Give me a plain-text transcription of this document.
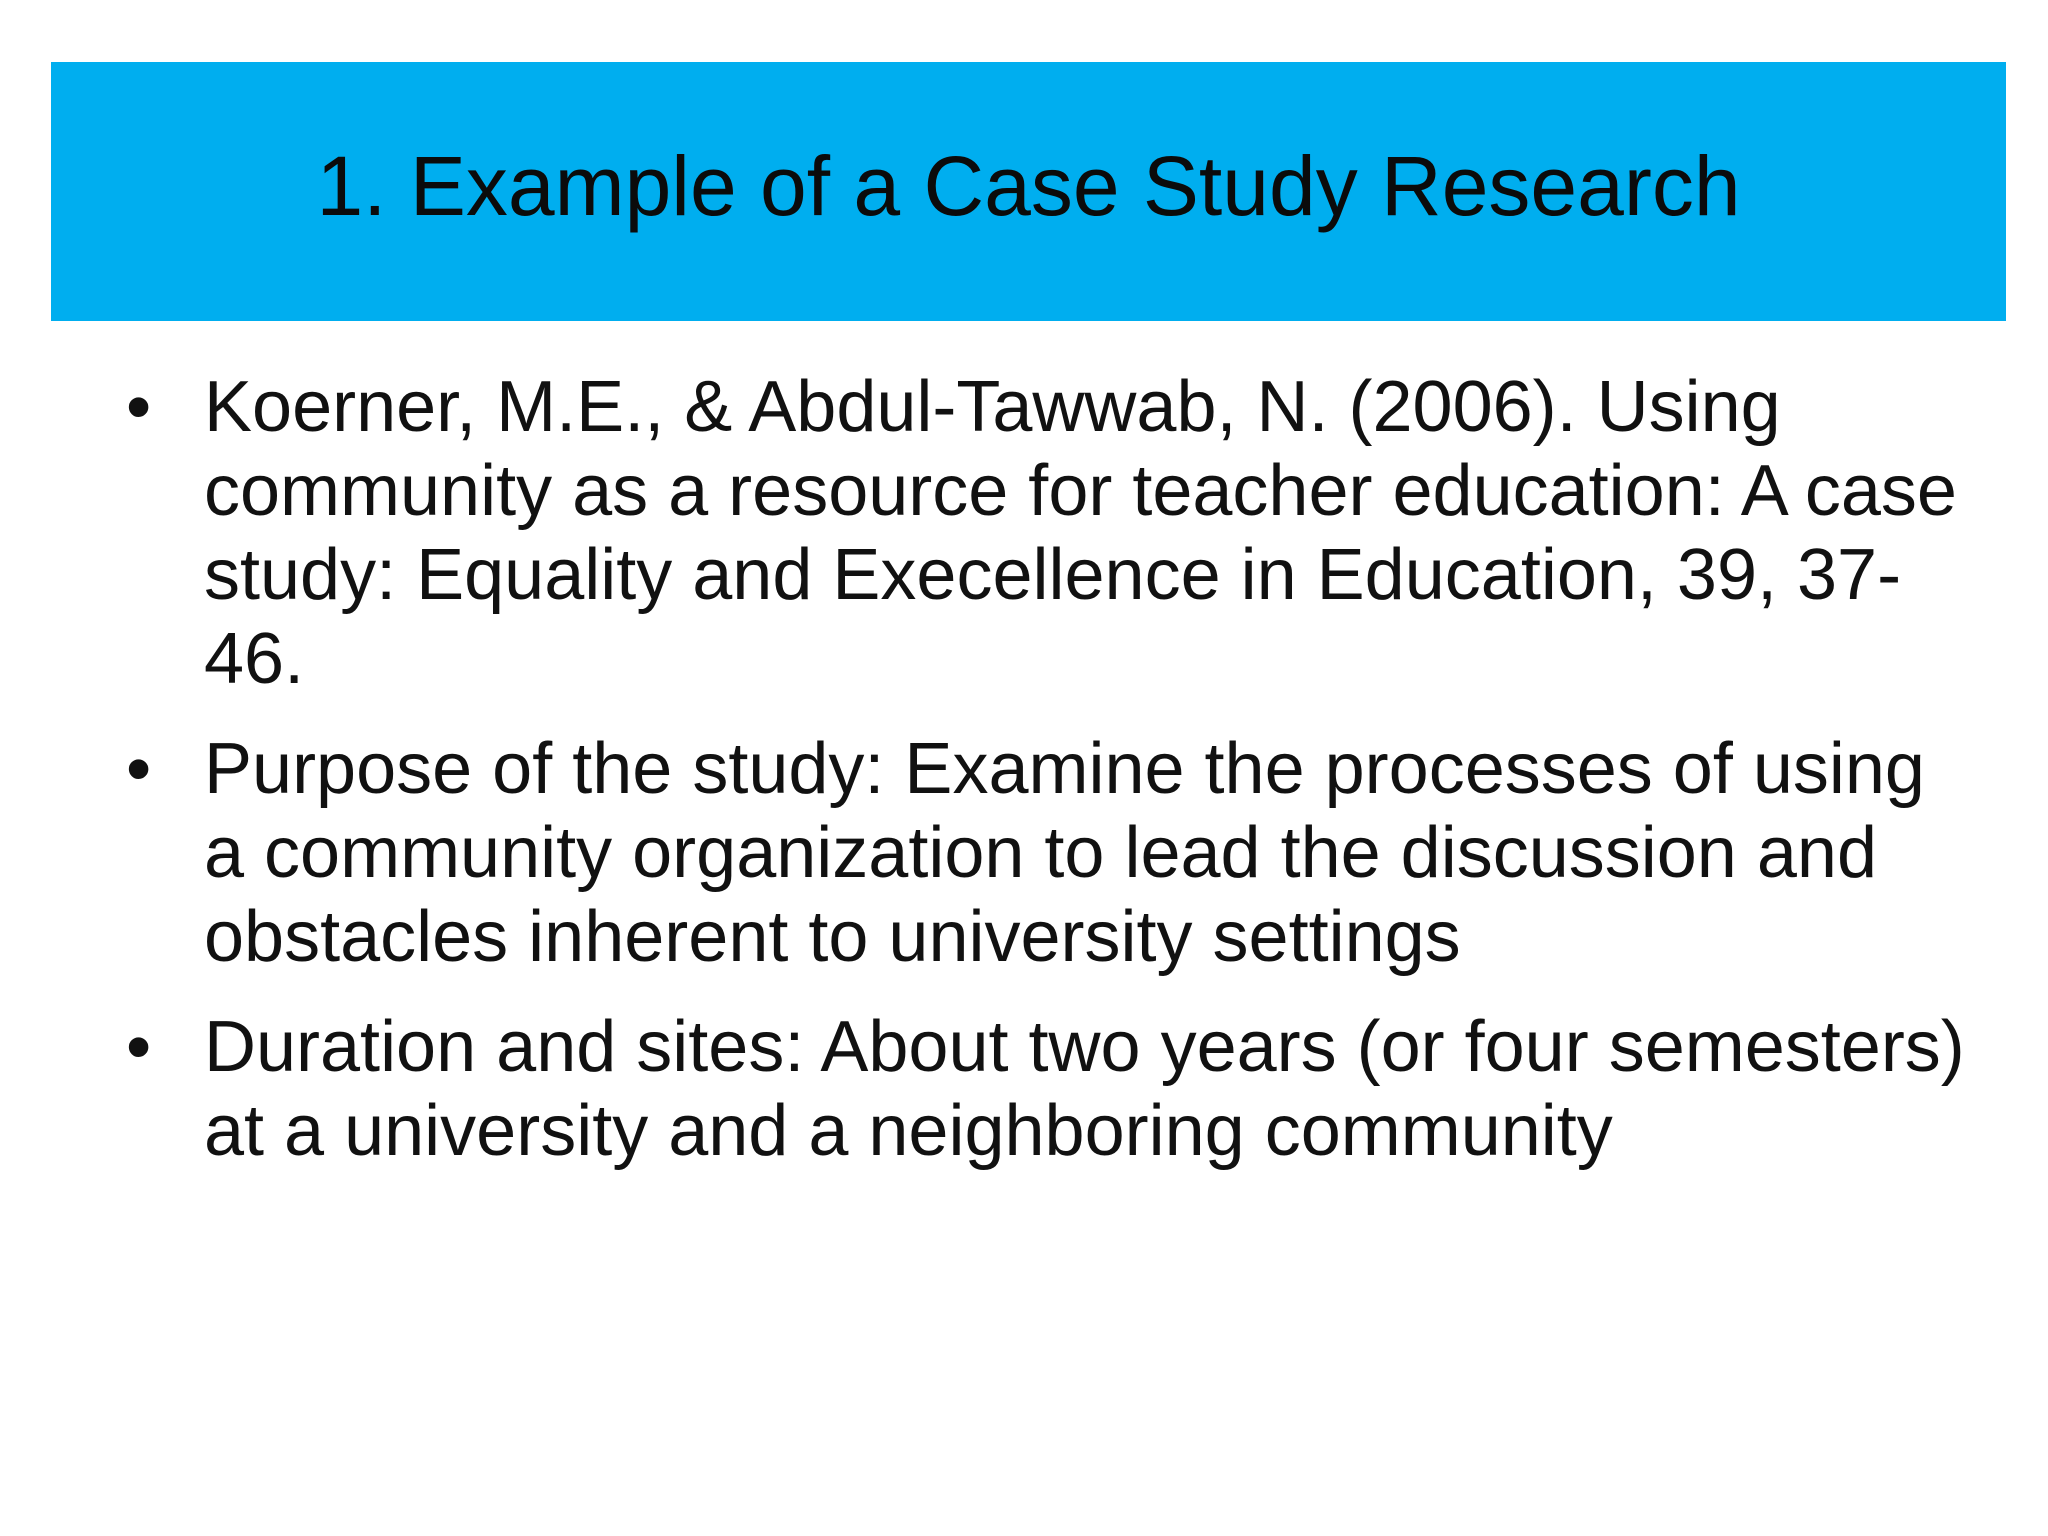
1. Example of a Case Study Research
• Koerner, M.E., & Abdul-Tawwab, N. (2006). Using community as a resource for teacher education: A case study: Equality and Execellence in Education, 39, 37-46.
• Purpose of the study: Examine the processes of using a community organization to lead the discussion and obstacles inherent to university settings
• Duration and sites: About two years (or four semesters) at a university and a neighboring community
